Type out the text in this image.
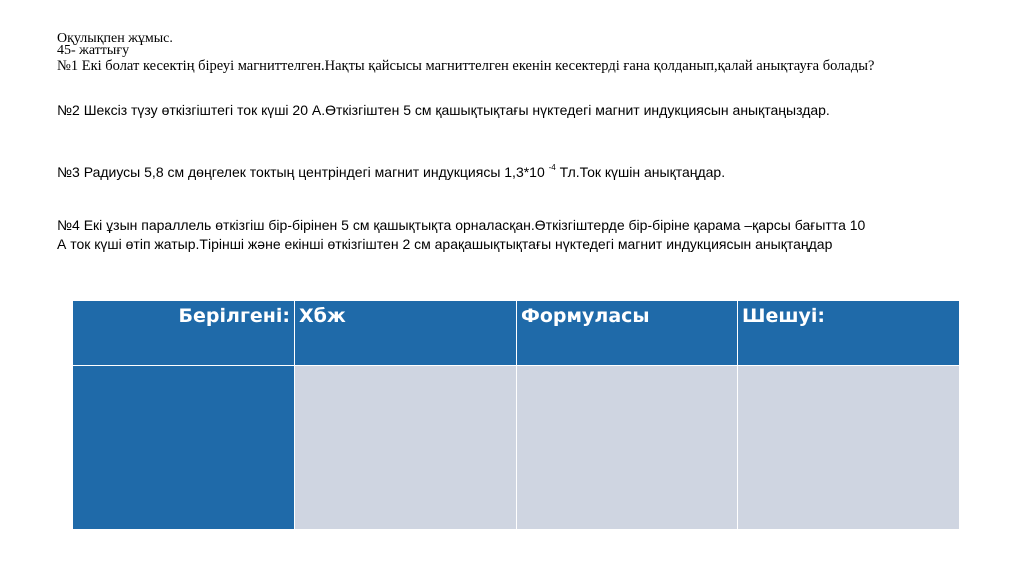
Оқулықпен жұмыс.
45- жаттығу
№1 Екі болат кесектің біреуі магниттелген.Нақты қайсысы магниттелген екенін кесектерді ғана қолданып,қалай анықтауға болады?
№2 Шексіз түзу өткізгіштегі ток күші 20 А.Өткізгіштен 5 см қашықтықтағы нүктедегі магнит индукциясын анықтаңыздар.
№3 Радиусы 5,8 см дөңгелек токтың центріндегі магнит индукциясы 1,3*10 $^{-4}$ Тл.Ток күшін анықтаңдар.
№4 Екі ұзын параллель өткізгіш бір-бірінен 5 см қашықтықта орналасқан.Өткізгіштерде бір-біріне қарама –қарсы бағытта 10
А ток күші өтіп жатыр.Тірінші және екінші өткізгіштен 2 см арақашықтықтағы нүктедегі магнит индукциясын анықтаңдар
Берілгені:	Хбж	Формуласы	Шешуі:
